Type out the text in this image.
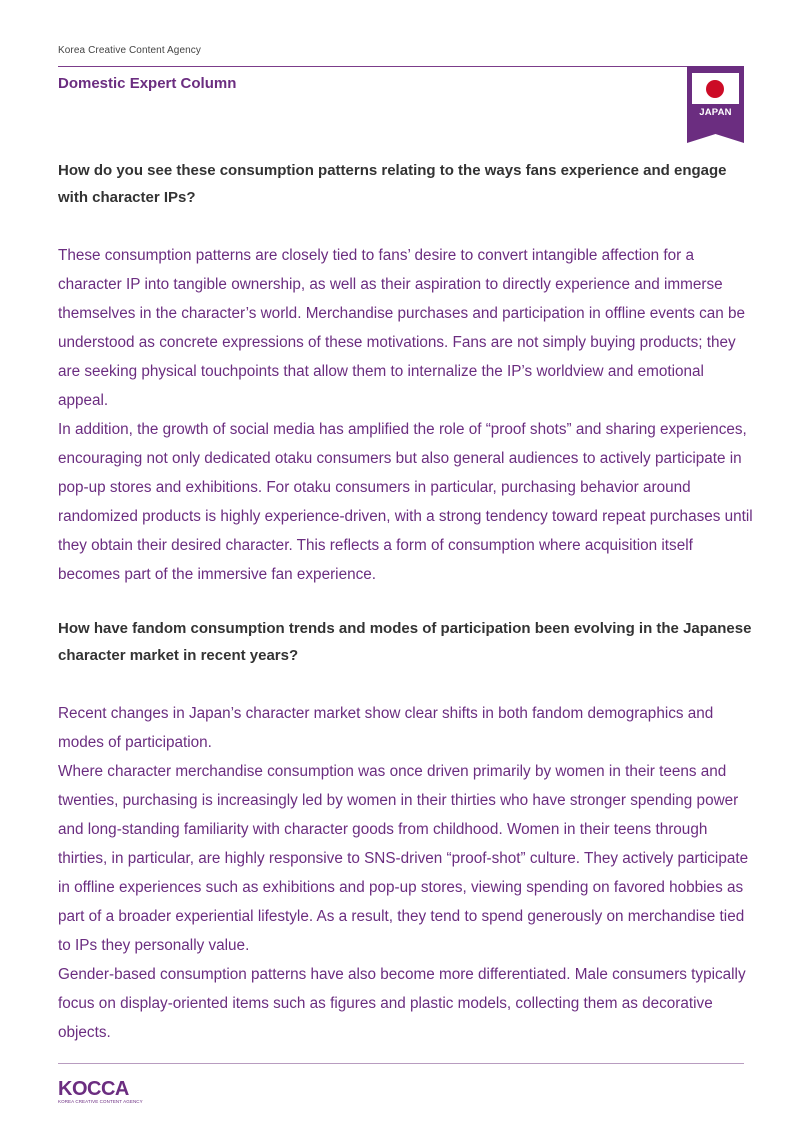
Korea Creative Content Agency
Domestic Expert Column
JAPAN

How do you see these consumption patterns relating to the ways fans experience and engage with character IPs?

These consumption patterns are closely tied to fans’ desire to convert intangible affection for a character IP into tangible ownership, as well as their aspiration to directly experience and immerse themselves in the character’s world. Merchandise purchases and participation in offline events can be understood as concrete expressions of these motivations. Fans are not simply buying products; they are seeking physical touchpoints that allow them to internalize the IP’s worldview and emotional appeal.

In addition, the growth of social media has amplified the role of “proof shots” and sharing experiences, encouraging not only dedicated otaku consumers but also general audiences to actively participate in pop-up stores and exhibitions. For otaku consumers in particular, purchasing behavior around randomized products is highly experience-driven, with a strong tendency toward repeat purchases until they obtain their desired character. This reflects a form of consumption where acquisition itself becomes part of the immersive fan experience.

How have fandom consumption trends and modes of participation been evolving in the Japanese character market in recent years?

Recent changes in Japan’s character market show clear shifts in both fandom demographics and modes of participation.

Where character merchandise consumption was once driven primarily by women in their teens and twenties, purchasing is increasingly led by women in their thirties who have stronger spending power and long-standing familiarity with character goods from childhood. Women in their teens through thirties, in particular, are highly responsive to SNS-driven “proof-shot” culture. They actively participate in offline experiences such as exhibitions and pop-up stores, viewing spending on favored hobbies as part of a broader experiential lifestyle. As a result, they tend to spend generously on merchandise tied to IPs they personally value.

Gender-based consumption patterns have also become more differentiated. Male consumers typically focus on display-oriented items such as figures and plastic models, collecting them as decorative objects.

KOCCA
KOREA CREATIVE CONTENT AGENCY
